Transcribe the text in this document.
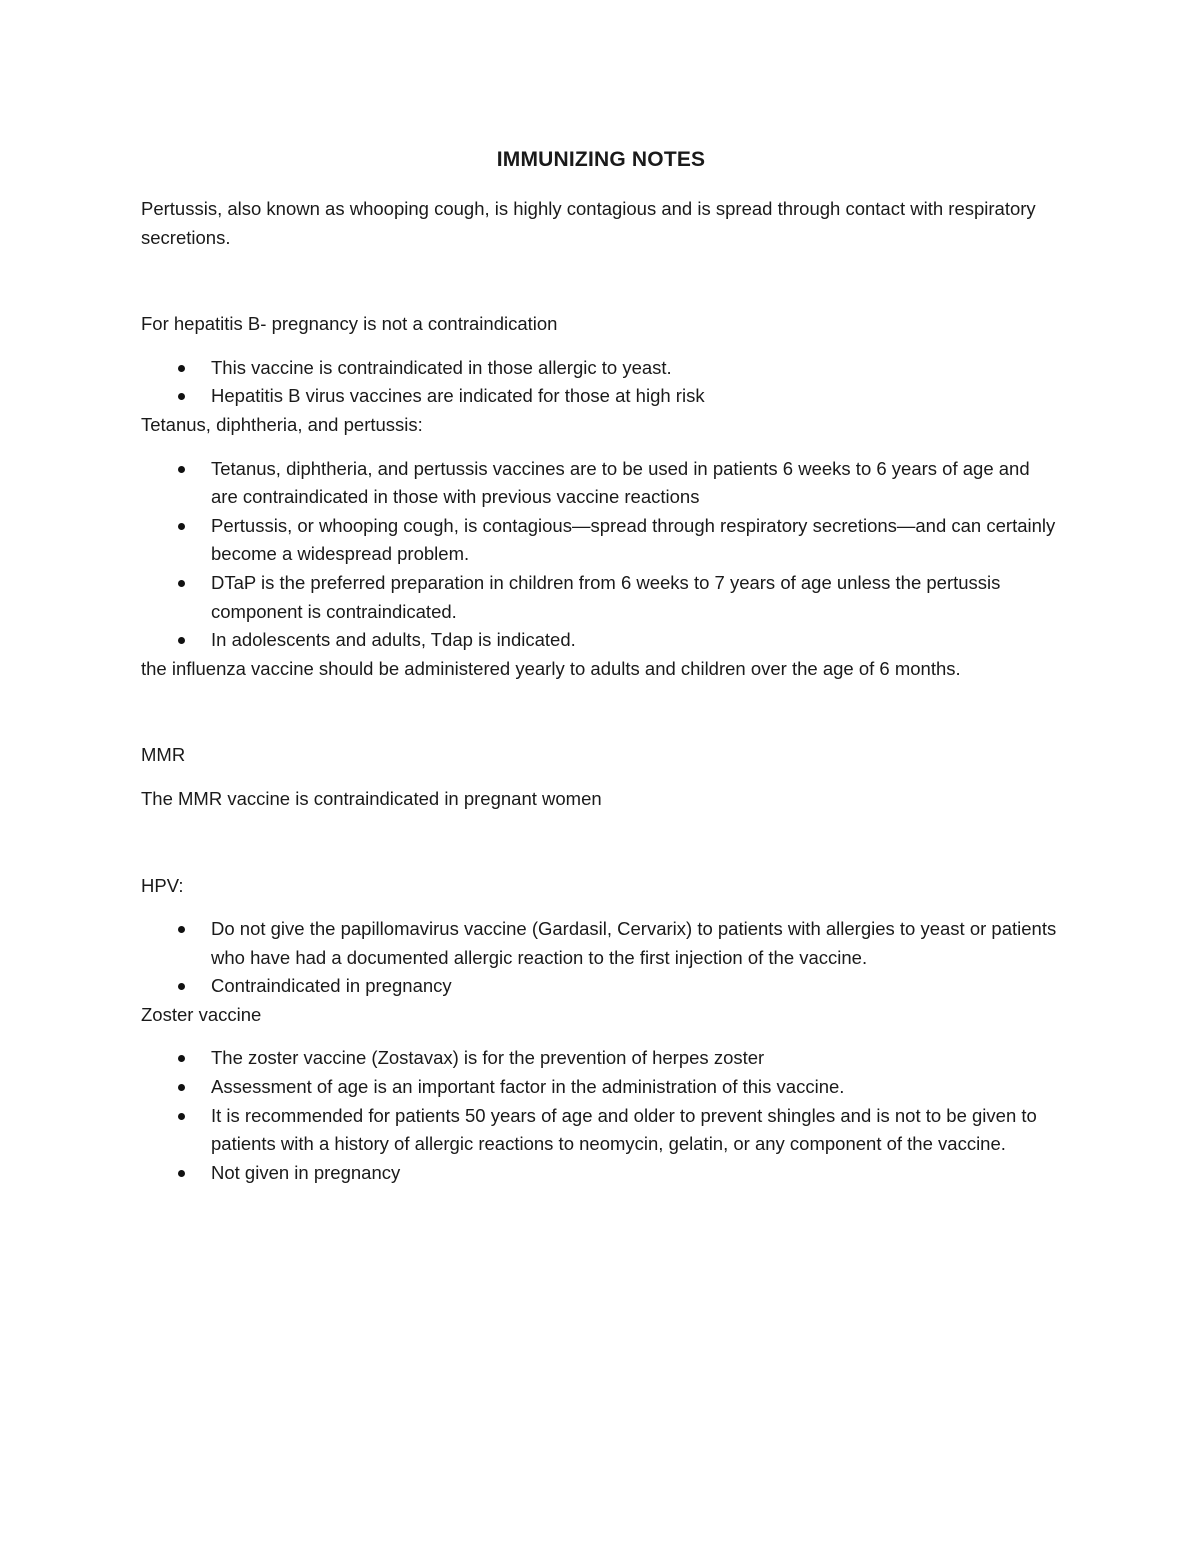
IMMUNIZING NOTES

Pertussis, also known as whooping cough, is highly contagious and is spread through contact with respiratory secretions.

For hepatitis B- pregnancy is not a contraindication

This vaccine is contraindicated in those allergic to yeast.
Hepatitis B virus vaccines are indicated for those at high risk

Tetanus, diphtheria, and pertussis:

Tetanus, diphtheria, and pertussis vaccines are to be used in patients 6 weeks to 6 years of age and are contraindicated in those with previous vaccine reactions
Pertussis, or whooping cough, is contagious—spread through respiratory secretions—and can certainly become a widespread problem.
DTaP is the preferred preparation in children from 6 weeks to 7 years of age unless the pertussis component is contraindicated.
In adolescents and adults, Tdap is indicated.

the influenza vaccine should be administered yearly to adults and children over the age of 6 months.

MMR

The MMR vaccine is contraindicated in pregnant women

HPV:

Do not give the papillomavirus vaccine (Gardasil, Cervarix) to patients with allergies to yeast or patients who have had a documented allergic reaction to the first injection of the vaccine.
Contraindicated in pregnancy

Zoster vaccine

The zoster vaccine (Zostavax) is for the prevention of herpes zoster
Assessment of age is an important factor in the administration of this vaccine.
It is recommended for patients 50 years of age and older to prevent shingles and is not to be given to patients with a history of allergic reactions to neomycin, gelatin, or any component of the vaccine.
Not given in pregnancy
